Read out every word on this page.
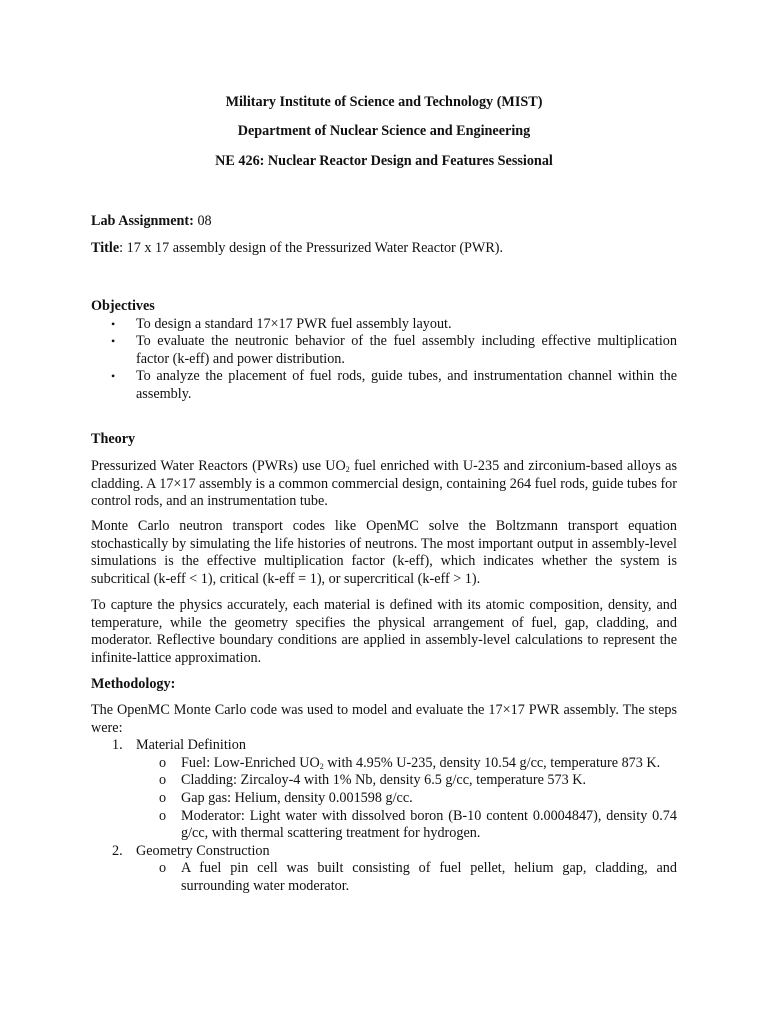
Military Institute of Science and Technology (MIST)
Department of Nuclear Science and Engineering
NE 426: Nuclear Reactor Design and Features Sessional
Lab Assignment: 08
Title: 17 x 17 assembly design of the Pressurized Water Reactor (PWR).
Objectives
• To design a standard 17×17 PWR fuel assembly layout.
• To evaluate the neutronic behavior of the fuel assembly including effective multiplication factor (k-eff) and power distribution.
• To analyze the placement of fuel rods, guide tubes, and instrumentation channel within the assembly.
Theory
Pressurized Water Reactors (PWRs) use $UO_2$ fuel enriched with U-235 and zirconium-based alloys as cladding. A 17×17 assembly is a common commercial design, containing 264 fuel rods, guide tubes for control rods, and an instrumentation tube.
Monte Carlo neutron transport codes like OpenMC solve the Boltzmann transport equation stochastically by simulating the life histories of neutrons. The most important output in assembly-level simulations is the effective multiplication factor (k-eff), which indicates whether the system is subcritical (k-eff < 1), critical (k-eff = 1), or supercritical (k-eff > 1).
To capture the physics accurately, each material is defined with its atomic composition, density, and temperature, while the geometry specifies the physical arrangement of fuel, gap, cladding, and moderator. Reflective boundary conditions are applied in assembly-level calculations to represent the infinite-lattice approximation.
Methodology:
The OpenMC Monte Carlo code was used to model and evaluate the 17×17 PWR assembly. The steps were:
1. Material Definition
o Fuel: Low-Enriched $UO_2$ with 4.95% U-235, density 10.54 g/cc, temperature 873 K.
o Cladding: Zircaloy-4 with 1% Nb, density 6.5 g/cc, temperature 573 K.
o Gap gas: Helium, density 0.001598 g/cc.
o Moderator: Light water with dissolved boron (B-10 content 0.0004847), density 0.74 g/cc, with thermal scattering treatment for hydrogen.
2. Geometry Construction
o A fuel pin cell was built consisting of fuel pellet, helium gap, cladding, and surrounding water moderator.
